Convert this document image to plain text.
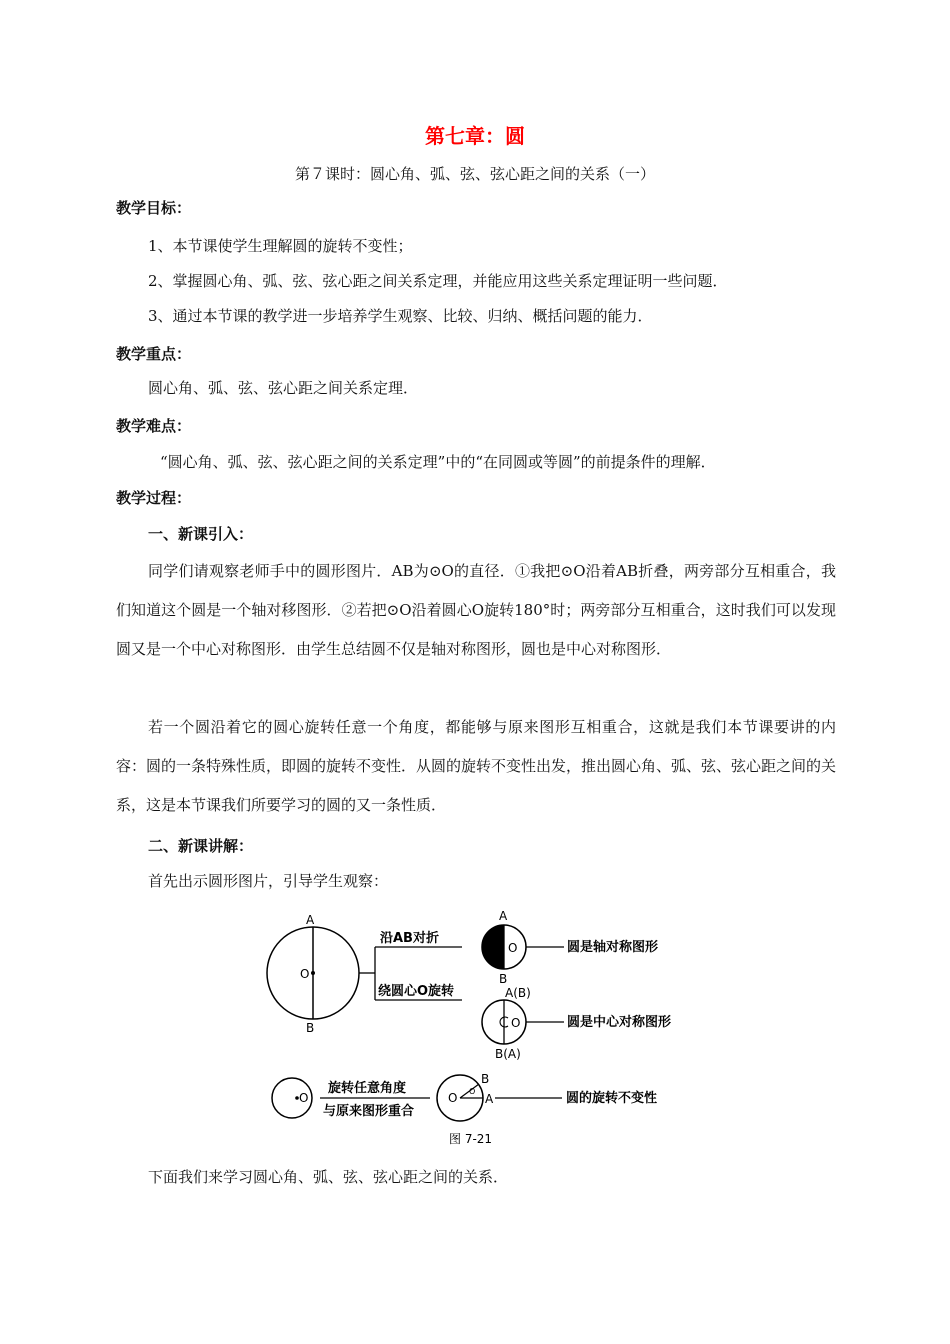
第七章：圆
第７课时：圆心角、弧、弦、弦心距之间的关系（一）
教学目标：
1、本节课使学生理解圆的旋转不变性；
2、掌握圆心角、弧、弦、弦心距之间关系定理，并能应用这些关系定理证明一些问题．
3、通过本节课的教学进一步培养学生观察、比较、归纳、概括问题的能力．
教学重点：
圆心角、弧、弦、弦心距之间关系定理．
教学难点：
“圆心角、弧、弦、弦心距之间的关系定理”中的“在同圆或等圆”的前提条件的理解．
教学过程：
一、新课引入：
同学们请观察老师手中的圆形图片．AB为⊙O的直径．①我把⊙O沿着AB折叠，两旁部分互相重合，我们知道这个圆是一个轴对移图形．②若把⊙O沿着圆心O旋转180°时；两旁部分互相重合，这时我们可以发现圆又是一个中心对称图形．由学生总结圆不仅是轴对称图形，圆也是中心对称图形．
若一个圆沿着它的圆心旋转任意一个角度，都能够与原来图形互相重合，这就是我们本节课要讲的内容：圆的一条特殊性质，即圆的旋转不变性．从圆的旋转不变性出发，推出圆心角、弧、弦、弦心距之间的关系，这是本节课我们所要学习的圆的又一条性质．
二、新课讲解：
首先出示圆形图片，引导学生观察：
A
B
O
沿AB对折
绕圆心O旋转
A
B
O	圆是轴对称图形
A(B)
B(A)
O	圆是中心对称图形
O
旋转任意角度
与原来图形重合
O O
B
A	圆的旋转不变性
图 7-21
下面我们来学习圆心角、弧、弦、弦心距之间的关系．
